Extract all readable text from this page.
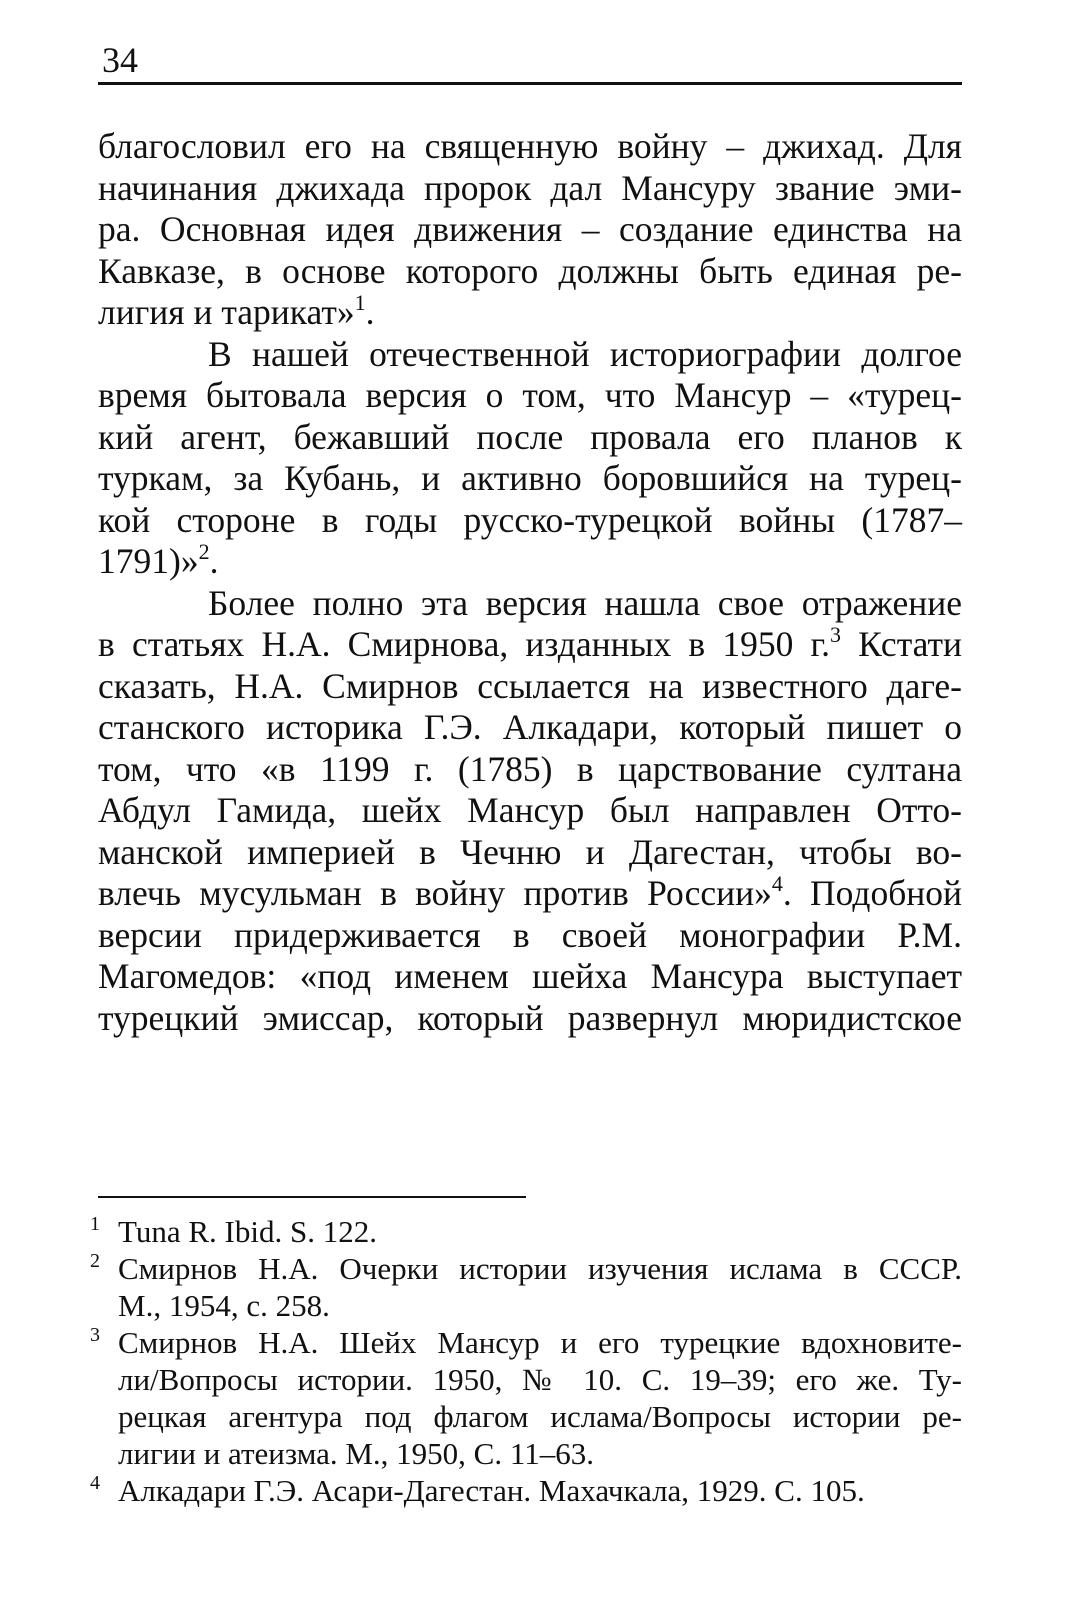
34
благословил его на священную войну – джихад. Для
начинания джихада пророк дал Мансуру звание эми-
ра. Основная идея движения – создание единства на
Кавказе, в основе которого должны быть единая ре-
лигия и тарикат»$^1$.
В нашей отечественной историографии долгое
время бытовала версия о том, что Мансур – «турец-
кий агент, бежавший после провала его планов к
туркам, за Кубань, и активно боровшийся на турец-
кой стороне в годы русско-турецкой войны (1787–
1791)»$^2$.
Более полно эта версия нашла свое отражение
в статьях Н.А. Смирнова, изданных в 1950 г.$^3$ Кстати
сказать, Н.А. Смирнов ссылается на известного даге-
станского историка Г.Э. Алкадари, который пишет о
том, что «в 1199 г. (1785) в царствование султана
Абдул Гамида, шейх Мансур был направлен Отто-
манской империей в Чечню и Дагестан, чтобы во-
влечь мусульман в войну против России»$^4$. Подобной
версии придерживается в своей монографии Р.М.
Магомедов: «под именем шейха Мансура выступает
турецкий эмиссар, который развернул мюридистское
1 Tuna R. Ibid. S. 122.
2 Смирнов Н.А. Очерки истории изучения ислама в СССР.
М., 1954, с. 258.
3 Смирнов Н.А. Шейх Мансур и его турецкие вдохновите-
ли/Вопросы истории. 1950, № 10. С. 19–39; его же. Ту-
рецкая агентура под флагом ислама/Вопросы истории ре-
лигии и атеизма. М., 1950, С. 11–63.
4 Алкадари Г.Э. Асари-Дагестан. Махачкала, 1929. С. 105.
